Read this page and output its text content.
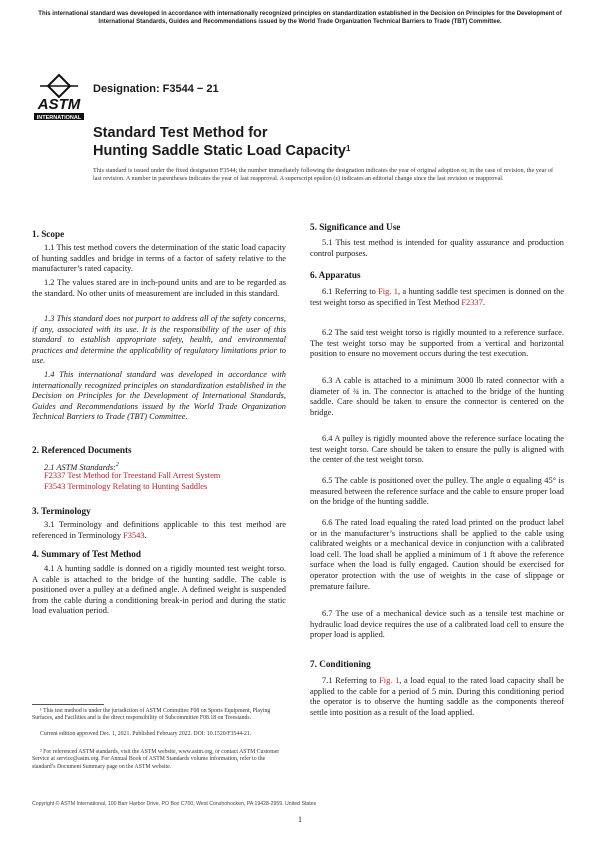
This international standard was developed in accordance with internationally recognized principles on standardization established in the Decision on Principles for the Development of International Standards, Guides and Recommendations issued by the World Trade Organization Technical Barriers to Trade (TBT) Committee.
ASTM
INTERNATIONAL
Designation: F3544 − 21
Standard Test Method for
Hunting Saddle Static Load Capacity$^1$
This standard is issued under the fixed designation F3544; the number immediately following the designation indicates the year of original adoption or, in the case of revision, the year of last revision. A number in parentheses indicates the year of last reapproval. A superscript epsilon (ε) indicates an editorial change since the last revision or reapproval.
1. Scope

1.1 This test method covers the determination of the static load capacity of hunting saddles and bridge in terms of a factor of safety relative to the manufacturer’s rated capacity.

1.2 The values stared are in inch-pound units and are to be regarded as the standard. No other units of measurement are included in this standard.

1.3 This standard does not purport to address all of the safety concerns, if any, associated with its use. It is the responsibility of the user of this standard to establish appropriate safety, health, and environmental practices and determine the applicability of regulatory limitations prior to use.

1.4 This international standard was developed in accordance with internationally recognized principles on standardization established in the Decision on Principles for the Development of International Standards, Guides and Recommendations issued by the World Trade Organization Technical Barriers to Trade (TBT) Committee.

2. Referenced Documents
2.1 ASTM Standards:$^2$
F2337 Test Method for Treestand Fall Arrest System
F3543 Terminology Relating to Hunting Saddles
3. Terminology

3.1 Terminology and definitions applicable to this test method are referenced in Terminology F3543.

4. Summary of Test Method

4.1 A hunting saddle is donned on a rigidly mounted test weight torso. A cable is attached to the bridge of the hunting saddle. The cable is positioned over a pulley at a defined angle. A defined weight is suspended from the cable during a conditioning break-in period and during the static load evaluation period.

5. Significance and Use

5.1 This test method is intended for quality assurance and production control purposes.

6. Apparatus

6.1 Referring to Fig. 1, a hunting saddle test specimen is donned on the test weight torso as specified in Test Method F2337.

6.2 The said test weight torso is rigidly mounted to a reference surface. The test weight torso may be supported from a vertical and horizontal position to ensure no movement occurs during the test execution.

6.3 A cable is attached to a minimum 3000 lb rated connector with a diameter of ¾ in. The connector is attached to the bridge of the hunting saddle. Care should be taken to ensure the connector is centered on the bridge.

6.4 A pulley is rigidly mounted above the reference surface locating the test weight torso. Care should be taken to ensure the pully is aligned with the center of the test weight torso.

6.5 The cable is positioned over the pulley. The angle α equaling 45° is measured between the reference surface and the cable to ensure proper load on the bridge of the hunting saddle.

6.6 The rated load equaling the rated load printed on the product label or in the manufacturer’s instructions shall be applied to the cable using calibrated weights or a mechanical device in conjunction with a calibrated load cell. The load shall be applied a minimum of 1 ft above the reference surface when the load is fully engaged. Caution should be exercised for operator protection with the use of weights in the case of slippage or premature failure.

6.7 The use of a mechanical device such as a tensile test machine or hydraulic load device requires the use of a calibrated load cell to ensure the proper load is applied.

7. Conditioning

7.1 Referring to Fig. 1, a load equal to the rated load capacity shall be applied to the cable for a period of 5 min. During this conditioning period the operator is to observe the hunting saddle as the components thereof settle into position as a result of the load applied.

¹ This test method is under the jurisdiction of ASTM Committee F08 on Sports Equipment, Playing Surfaces, and Facilities and is the direct responsibility of Subcommittee F08.18 on Treestands.
Current edition approved Dec. 1, 2021. Published February 2022. DOI: 10.1520/F3544-21.
² For referenced ASTM standards, visit the ASTM website, www.astm.org, or contact ASTM Customer Service at service@astm.org. For Annual Book of ASTM Standards volume information, refer to the standard’s Document Summary page on the ASTM website.
Copyright © ASTM International, 100 Barr Harbor Drive, PO Box C700, West Conshohocken, PA 19428-2959. United States
1
